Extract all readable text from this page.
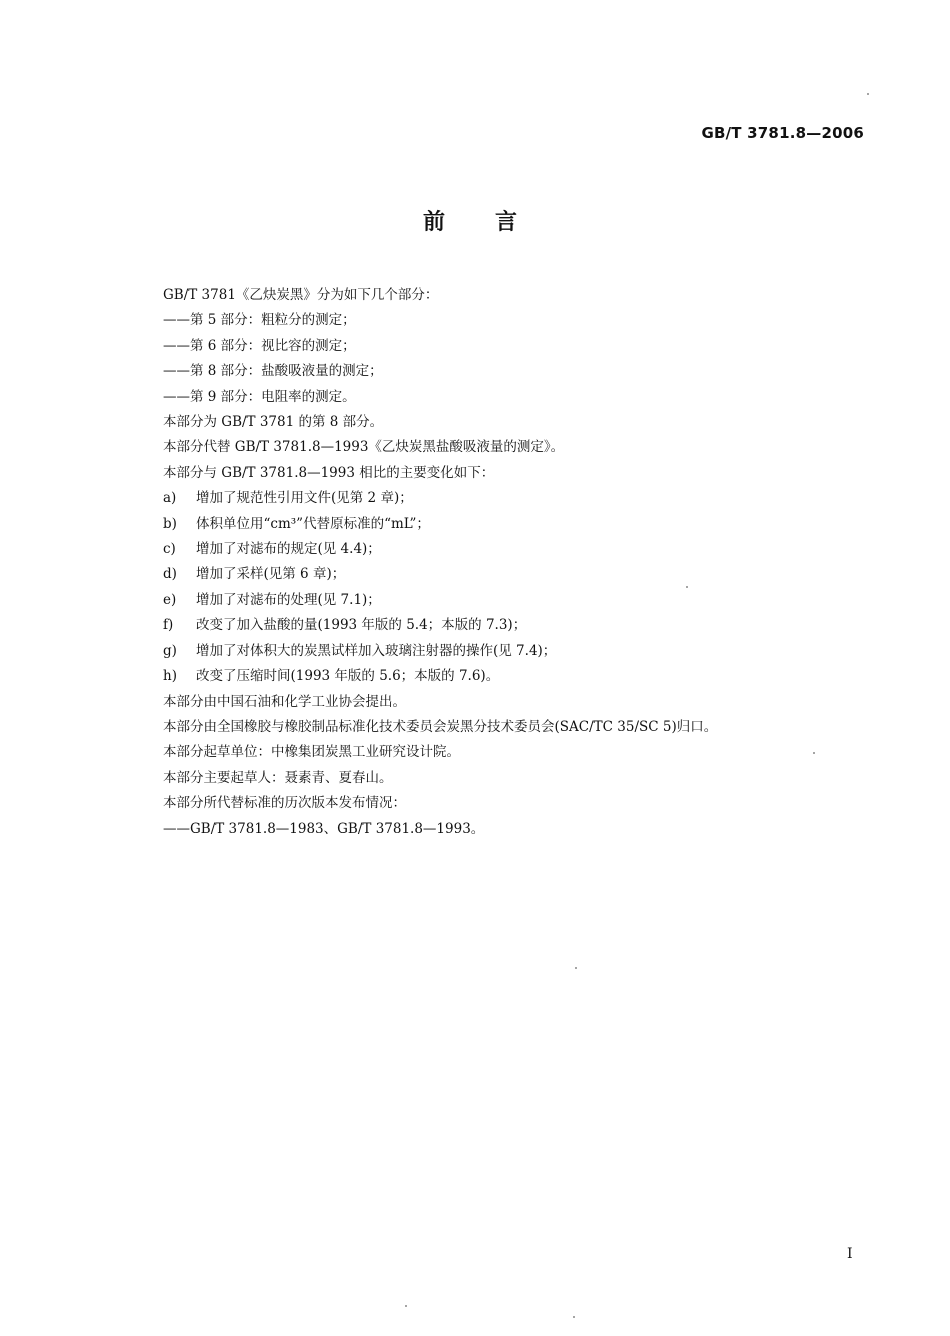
GB/T 3781.8—2006
前言
GB/T 3781《乙炔炭黑》分为如下几个部分：
——第 5 部分：粗粒分的测定；
——第 6 部分：视比容的测定；
——第 8 部分：盐酸吸液量的测定；
——第 9 部分：电阻率的测定。
本部分为 GB/T 3781 的第 8 部分。
本部分代替 GB/T 3781.8—1993《乙炔炭黑盐酸吸液量的测定》。
本部分与 GB/T 3781.8—1993 相比的主要变化如下：
a) 增加了规范性引用文件(见第 2 章)；
b) 体积单位用“cm³”代替原标准的“mL”；
c) 增加了对滤布的规定(见 4.4)；
d) 增加了采样(见第 6 章)；
e) 增加了对滤布的处理(见 7.1)；
f) 改变了加入盐酸的量(1993 年版的 5.4；本版的 7.3)；
g) 增加了对体积大的炭黑试样加入玻璃注射器的操作(见 7.4)；
h) 改变了压缩时间(1993 年版的 5.6；本版的 7.6)。
本部分由中国石油和化学工业协会提出。
本部分由全国橡胶与橡胶制品标准化技术委员会炭黑分技术委员会(SAC/TC 35/SC 5)归口。
本部分起草单位：中橡集团炭黑工业研究设计院。
本部分主要起草人：聂素青、夏春山。
本部分所代替标准的历次版本发布情况：
——GB/T 3781.8—1983、GB/T 3781.8—1993。
I
